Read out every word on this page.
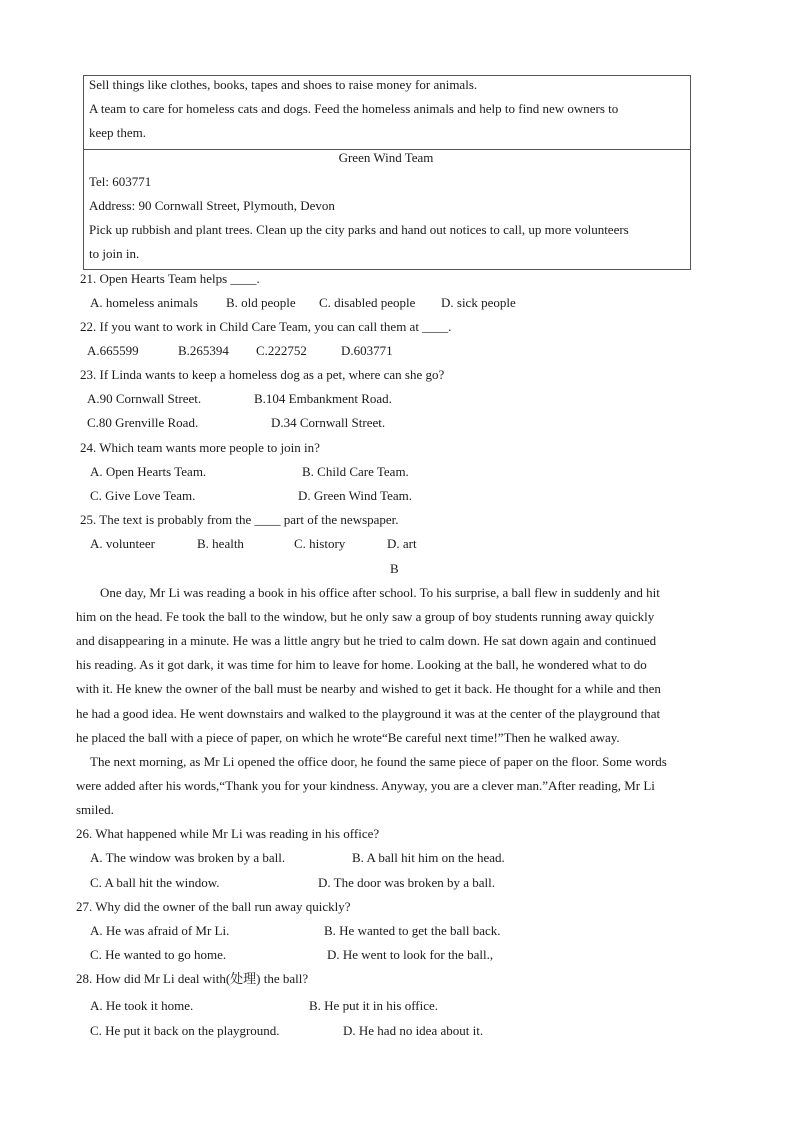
Sell things like clothes, books, tapes and shoes to raise money for animals.
A team to care for homeless cats and dogs. Feed the homeless animals and help to find new owners to
keep them.
Green Wind Team
Tel: 603771
Address: 90 Cornwall Street, Plymouth, Devon
Pick up rubbish and plant trees. Clean up the city parks and hand out notices to call, up more volunteers
to join in.
21. Open Hearts Team helps ____.
A. homeless animals B. old people C. disabled people D. sick people
22. If you want to work in Child Care Team, you can call them at ____.
A.665599	B.265394 C.222752	D.603771
23. If Linda wants to keep a homeless dog as a pet, where can she go?
A.90 Cornwall Street.	B.104 Embankment Road.
C.80 Grenville Road.	D.34 Cornwall Street.
24. Which team wants more people to join in?
A. Open Hearts Team.	B. Child Care Team.
C. Give Love Team.	D. Green Wind Team.
25. The text is probably from the ____ part of the newspaper.
A. volunteer	B. health	C. history	D. art
B
One day, Mr Li was reading a book in his office after school. To his surprise, a ball flew in suddenly and hit
him on the head. Fe took the ball to the window, but he only saw a group of boy students running away quickly
and disappearing in a minute. He was a little angry but he tried to calm down. He sat down again and continued
his reading. As it got dark, it was time for him to leave for home. Looking at the ball, he wondered what to do
with it. He knew the owner of the ball must be nearby and wished to get it back. He thought for a while and then
he had a good idea. He went downstairs and walked to the playground it was at the center of the playground that
he placed the ball with a piece of paper, on which he wrote“Be careful next time!”Then he walked away.
The next morning, as Mr Li opened the office door, he found the same piece of paper on the floor. Some words
were added after his words,“Thank you for your kindness. Anyway, you are a clever man.”After reading, Mr Li
smiled.
26. What happened while Mr Li was reading in his office?
A. The window was broken by a ball.	B. A ball hit him on the head.
C. A ball hit the window.	D. The door was broken by a ball.
27. Why did the owner of the ball run away quickly?
A. He was afraid of Mr Li.	B. He wanted to get the ball back.
C. He wanted to go home.	D. He went to look for the ball.,
28. How did Mr Li deal with(处理) the ball?
A. He took it home.	B. He put it in his office.
C. He put it back on the playground.	D. He had no idea about it.
